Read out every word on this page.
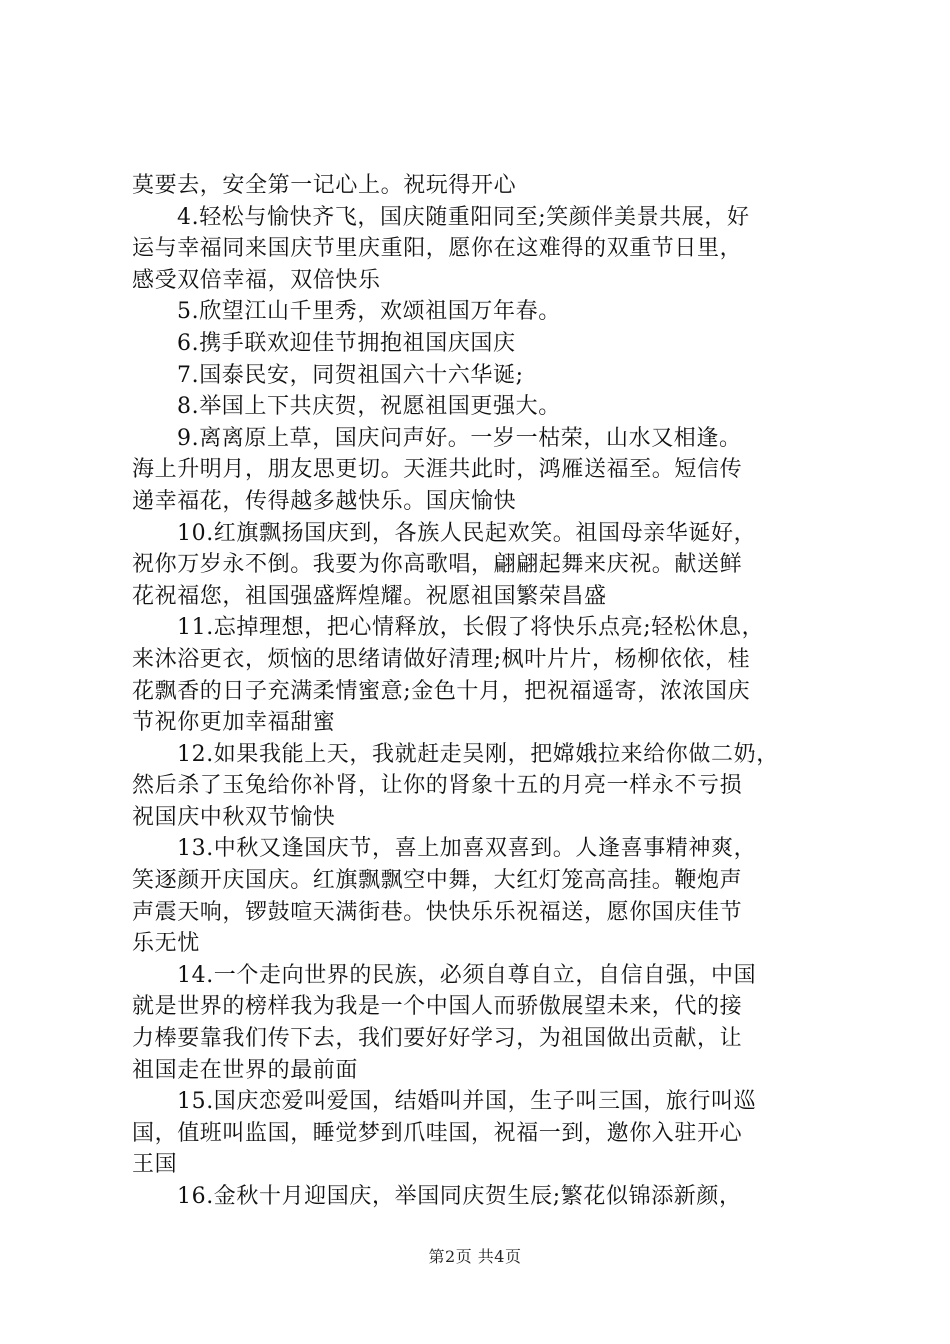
莫要去，安全第一记心上。祝玩得开心
4.轻松与愉快齐飞，国庆随重阳同至;笑颜伴美景共展，好
运与幸福同来国庆节里庆重阳，愿你在这难得的双重节日里，
感受双倍幸福，双倍快乐
5.欣望江山千里秀，欢颂祖国万年春。
6.携手联欢迎佳节拥抱祖国庆国庆
7.国泰民安，同贺祖国六十六华诞;
8.举国上下共庆贺，祝愿祖国更强大。
9.离离原上草，国庆问声好。一岁一枯荣，山水又相逢。
海上升明月，朋友思更切。天涯共此时，鸿雁送福至。短信传
递幸福花，传得越多越快乐。国庆愉快
10.红旗飘扬国庆到，各族人民起欢笑。祖国母亲华诞好，
祝你万岁永不倒。我要为你高歌唱，翩翩起舞来庆祝。献送鲜
花祝福您，祖国强盛辉煌耀。祝愿祖国繁荣昌盛
11.忘掉理想，把心情释放，长假了将快乐点亮;轻松休息，
来沐浴更衣，烦恼的思绪请做好清理;枫叶片片，杨柳依依，桂
花飘香的日子充满柔情蜜意;金色十月，把祝福遥寄，浓浓国庆
节祝你更加幸福甜蜜
12.如果我能上天，我就赶走吴刚，把嫦娥拉来给你做二奶，
然后杀了玉兔给你补肾，让你的肾象十五的月亮一样永不亏损
祝国庆中秋双节愉快
13.中秋又逢国庆节，喜上加喜双喜到。人逢喜事精神爽，
笑逐颜开庆国庆。红旗飘飘空中舞，大红灯笼高高挂。鞭炮声
声震天响，锣鼓喧天满街巷。快快乐乐祝福送，愿你国庆佳节
乐无忧
14.一个走向世界的民族，必须自尊自立，自信自强，中国
就是世界的榜样我为我是一个中国人而骄傲展望未来，代的接
力棒要靠我们传下去，我们要好好学习，为祖国做出贡献，让
祖国走在世界的最前面
15.国庆恋爱叫爱国，结婚叫并国，生子叫三国，旅行叫巡
国，值班叫监国，睡觉梦到爪哇国，祝福一到，邀你入驻开心
王国
16.金秋十月迎国庆，举国同庆贺生辰;繁花似锦添新颜，
第2页 共4页
